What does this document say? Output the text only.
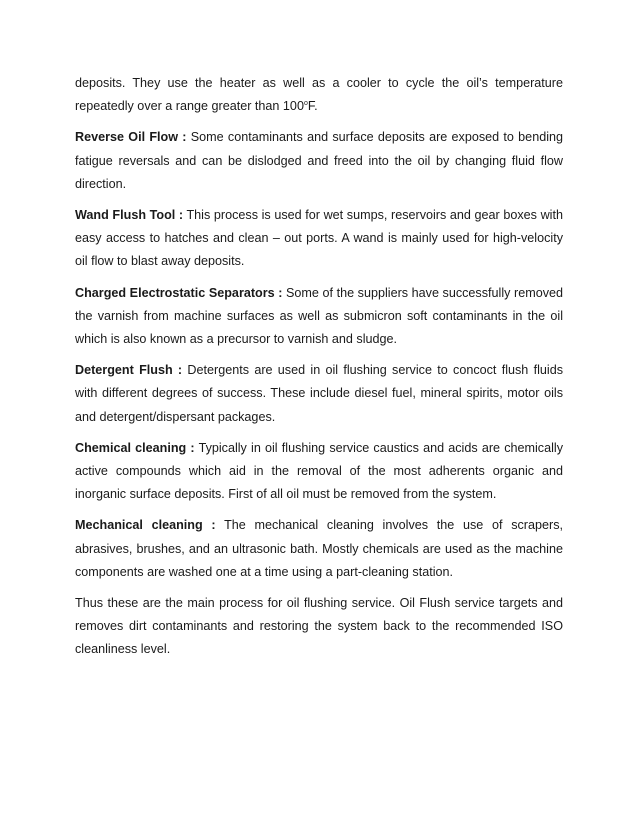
deposits. They use the heater as well as a cooler to cycle the oil’s temperature repeatedly over a range greater than 100$^o$F.

Reverse Oil Flow : Some contaminants and surface deposits are exposed to bending fatigue reversals and can be dislodged and freed into the oil by changing fluid flow direction.

Wand Flush Tool : This process is used for wet sumps, reservoirs and gear boxes with easy access to hatches and clean – out ports. A wand is mainly used for high-velocity oil flow to blast away deposits.

Charged Electrostatic Separators : Some of the suppliers have successfully removed the varnish from machine surfaces as well as submicron soft contaminants in the oil which is also known as a precursor to varnish and sludge.

Detergent Flush : Detergents are used in oil flushing service to concoct flush fluids with different degrees of success. These include diesel fuel, mineral spirits, motor oils and detergent/dispersant packages.

Chemical cleaning : Typically in oil flushing service caustics and acids are chemically active compounds which aid in the removal of the most adherents organic and inorganic surface deposits. First of all oil must be removed from the system.

Mechanical cleaning : The mechanical cleaning involves the use of scrapers, abrasives, brushes, and an ultrasonic bath. Mostly chemicals are used as the machine components are washed one at a time using a part-cleaning station.

Thus these are the main process for oil flushing service. Oil Flush service targets and removes dirt contaminants and restoring the system back to the recommended ISO cleanliness level.
